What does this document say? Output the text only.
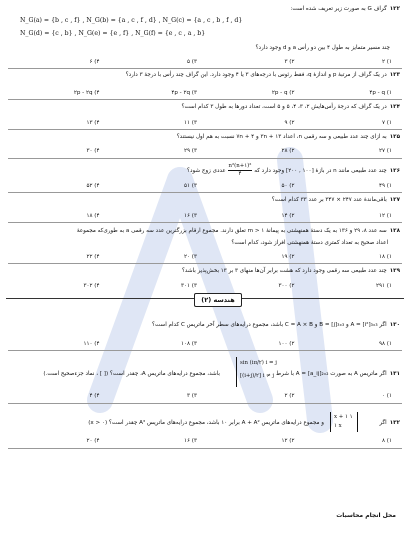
۱۲۲گراف G به صورت زیر تعریف شده است:
N_G(a) = {b , c , f} , N_G(b) = {a , c , f , d} , N_G(c) = {a , c , b , f , d}
N_G(d) = {c , b} , N_G(e) = {e , f} , N_G(f) = {e , c , a , b}
چند مسیر متمایز به طول ۴ بین دو رأس a و d وجود دارد؟
۱) ۲
۲) ۳
۳) ۵
۴) ۶
۱۲۳در یک گراف از مرتبهٔ p و اندازهٔ q، فقط رئوس با درجه‌های ۳ یا ۴ وجود دارد. این گراف چند رأس با درجهٔ ۳ دارد؟
۱) ۴p - q
۲) ۲p - q
۳) ۴p - ۲q
۴) ۲p - ۲q
۱۲۴در یک گراف که درجهٔ رأس‌هایش ۲، ۳، ۴، ۵ و ۵ است، تعداد دورها به طول ۳ کدام است؟
۱) ۷
۲) ۹
۳) ۱۱
۴) ۱۳
۱۲۵به ازای چند عدد طبیعی و سه رقمی n، اعداد ۳n + ۱۳ و ۷n + ۴ نسبت به هم اول نیستند؟
۱) ۲۷
۲) ۲۸
۳) ۲۹
۴) ۳۰
۱۲۶چند عدد طبیعی مانند n در بازهٔ [۱۰۰ , ۲۰۰] وجود دارد که
$\frac{\text{n²(n+۱)²}}{۴}$
عددی زوج شود؟
۱) ۴۹
۲) ۵۰
۳) ۵۱
۴) ۵۲
۱۲۷باقی‌ماندهٔ عدد ۲۴۷ × ۳۴۷ بر عدد ۳۳ کدام است؟
۱) ۱۲
۲) ۱۴
۳) ۱۶
۴) ۱۸
۱۲۸سه عدد ۸، ۲۹ و ۱۳۶ به یک دستهٔ همنهشتی به پیمانهٔ m > ۱ تعلق دارند. مجموع ارقام بزرگترین عدد سه رقمی a به طوری‌که مجموعهٔ
اعداد صحیح به تعداد کمتری دستهٔ همنهشتی افراز شود، کدام است؟
۱) ۱۸
۲) ۱۹
۳) ۲۰
۴) ۲۲
۱۲۹چند عدد طبیعی سه رقمی وجود دارد که هشت برابر آن‌ها منهای ۳ بر ۱۳ بخش‌پذیر باشد؟
۱) ۲۹۱
۲) ۳۰۰
۳) ۳۰۱
۴) ۳۰۲
هندسه (۲)
۱۳۰اگر A = [i²]₃ₓ₃ و B = [j]₃ₓ₃ و C = A × B باشد، مجموع درایه‌های سطر آخر ماتریس C کدام است؟
۱) ۹۸
۲) ۱۰۰
۳) ۱۰۸
۴) ۱۱۰
۱۳۱اگر ماتریس A به صورت A = [a_ij]₂ₓ₂ با شرط
sin (iπ/۲) i = j
[(i+j)/۲] i ≠ j
باشد، مجموع درایه‌های ماتریس A، چقدر است؟ ([ ] ، نماد جزءصحیح است.)
۱) ۰
۲) ۲
۳) ۳
۴) ۴
۱۳۲اگر
x + ۱ ۱
۱ x
و مجموع درایه‌های ماتریس A + A² برابر ۱۰ باشد، مجموع درایه‌های ماتریس A³ چقدر است؟ (x > ۰)
۱) ۸
۲) ۱۲
۳) ۱۶
۴) ۲۰
محل انجام محاسبات
